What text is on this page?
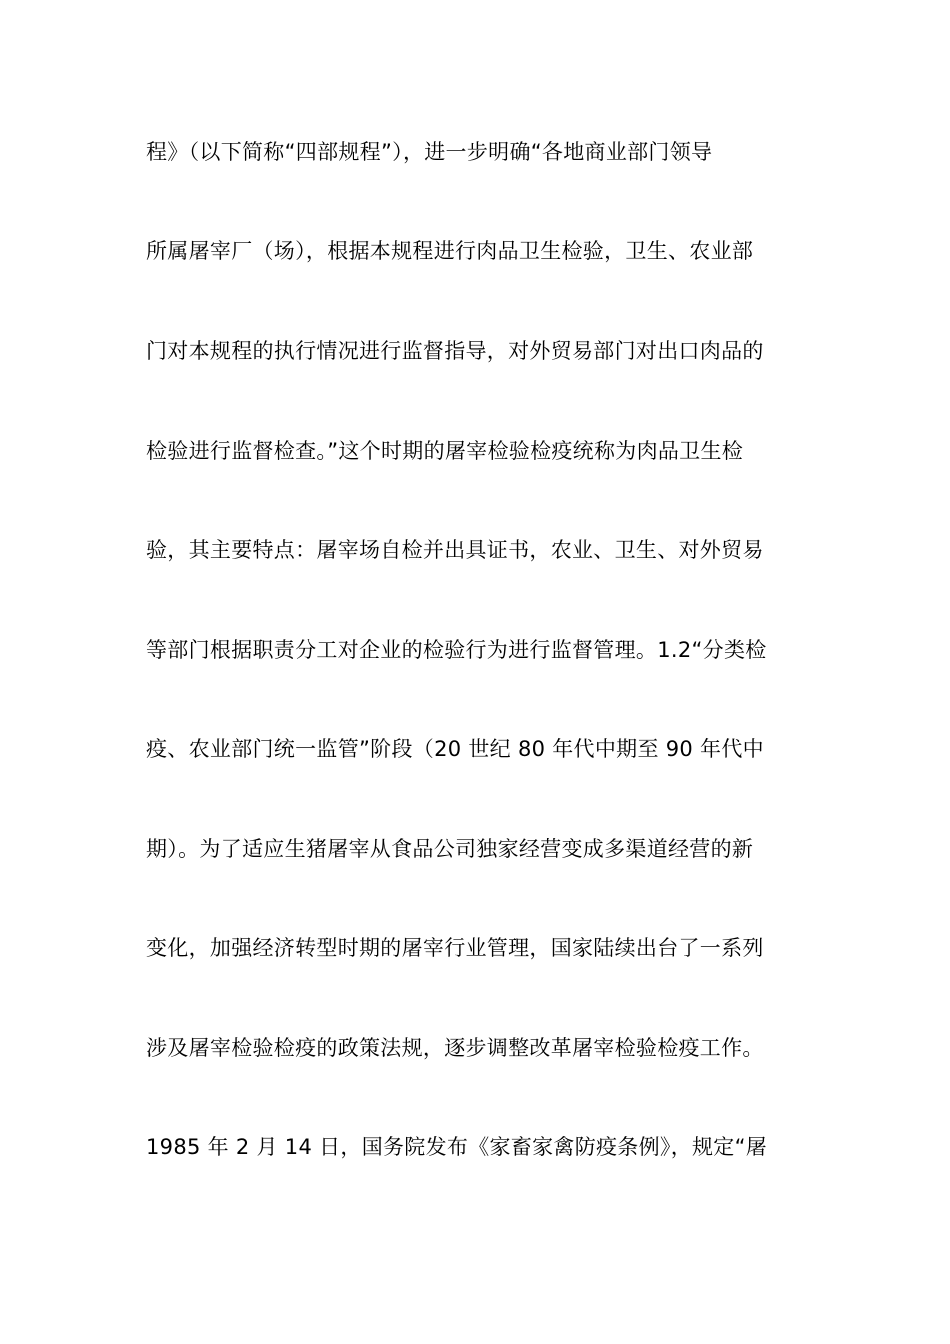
程》（以下简称“四部规程”），进一步明确“各地商业部门领导
所属屠宰厂（场），根据本规程进行肉品卫生检验，卫生、农业部
门对本规程的执行情况进行监督指导，对外贸易部门对出口肉品的
检验进行监督检查。”这个时期的屠宰检验检疫统称为肉品卫生检
验，其主要特点：屠宰场自检并出具证书，农业、卫生、对外贸易
等部门根据职责分工对企业的检验行为进行监督管理。1.2“分类检
疫、农业部门统一监管”阶段（20 世纪 80 年代中期至 90 年代中
期）。为了适应生猪屠宰从食品公司独家经营变成多渠道经营的新
变化，加强经济转型时期的屠宰行业管理，国家陆续出台了一系列
涉及屠宰检验检疫的政策法规，逐步调整改革屠宰检验检疫工作。
1985 年 2 月 14 日，国务院发布《家畜家禽防疫条例》，规定“屠
